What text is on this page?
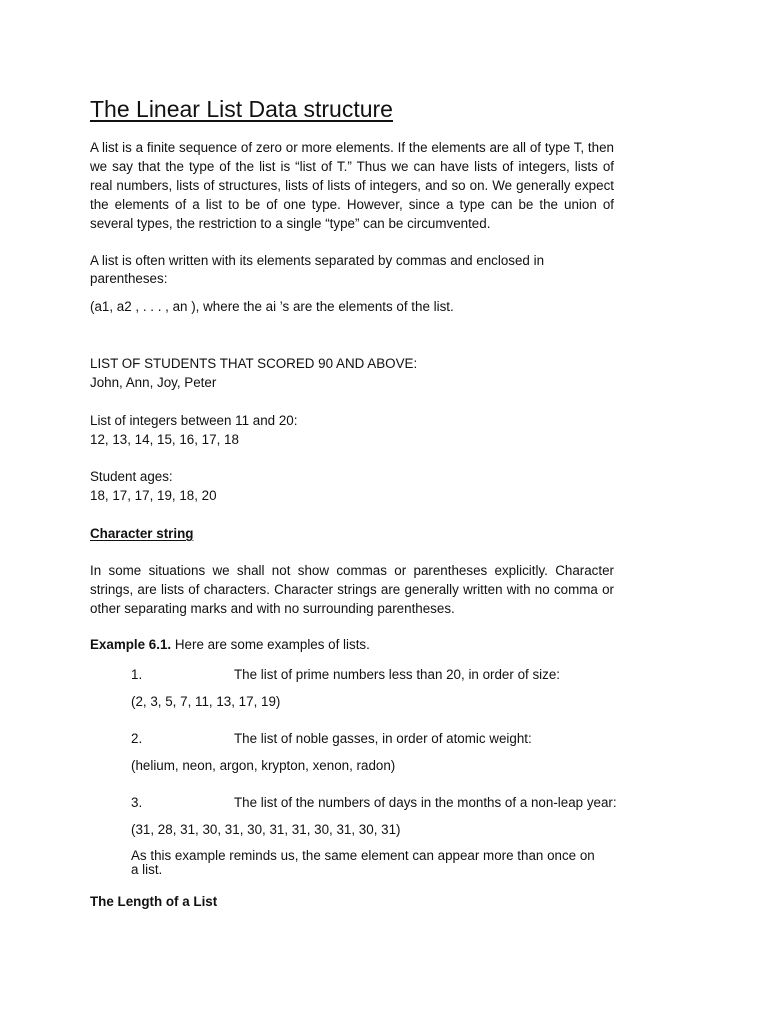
The Linear List Data structure

A list is a finite sequence of zero or more elements. If the elements are all of type T, then we say that the type of the list is “list of T.” Thus we can have lists of integers, lists of real numbers, lists of structures, lists of lists of integers, and so on. We generally expect the elements of a list to be of one type. However, since a type can be the union of several types, the restriction to a single “type” can be circumvented.

A list is often written with its elements separated by commas and enclosed in
parentheses:
(a1, a2 , . . . , an ), where the ai ’s are the elements of the list.
LIST OF STUDENTS THAT SCORED 90 AND ABOVE:
John, Ann, Joy, Peter
List of integers between 11 and 20:
12, 13, 14, 15, 16, 17, 18
Student ages:
18, 17, 17, 19, 18, 20
Character string

In some situations we shall not show commas or parentheses explicitly. Character strings, are lists of characters. Character strings are generally written with no comma or other separating marks and with no surrounding parentheses.

Example 6.1. Here are some examples of lists.
1.	The list of prime numbers less than 20, in order of size:
(2, 3, 5, 7, 11, 13, 17, 19)
2.	The list of noble gasses, in order of atomic weight:
(helium, neon, argon, krypton, xenon, radon)
3.	The list of the numbers of days in the months of a non-leap year:
(31, 28, 31, 30, 31, 30, 31, 31, 30, 31, 30, 31)
As this example reminds us, the same element can appear more than once on
a list.
The Length of a List
